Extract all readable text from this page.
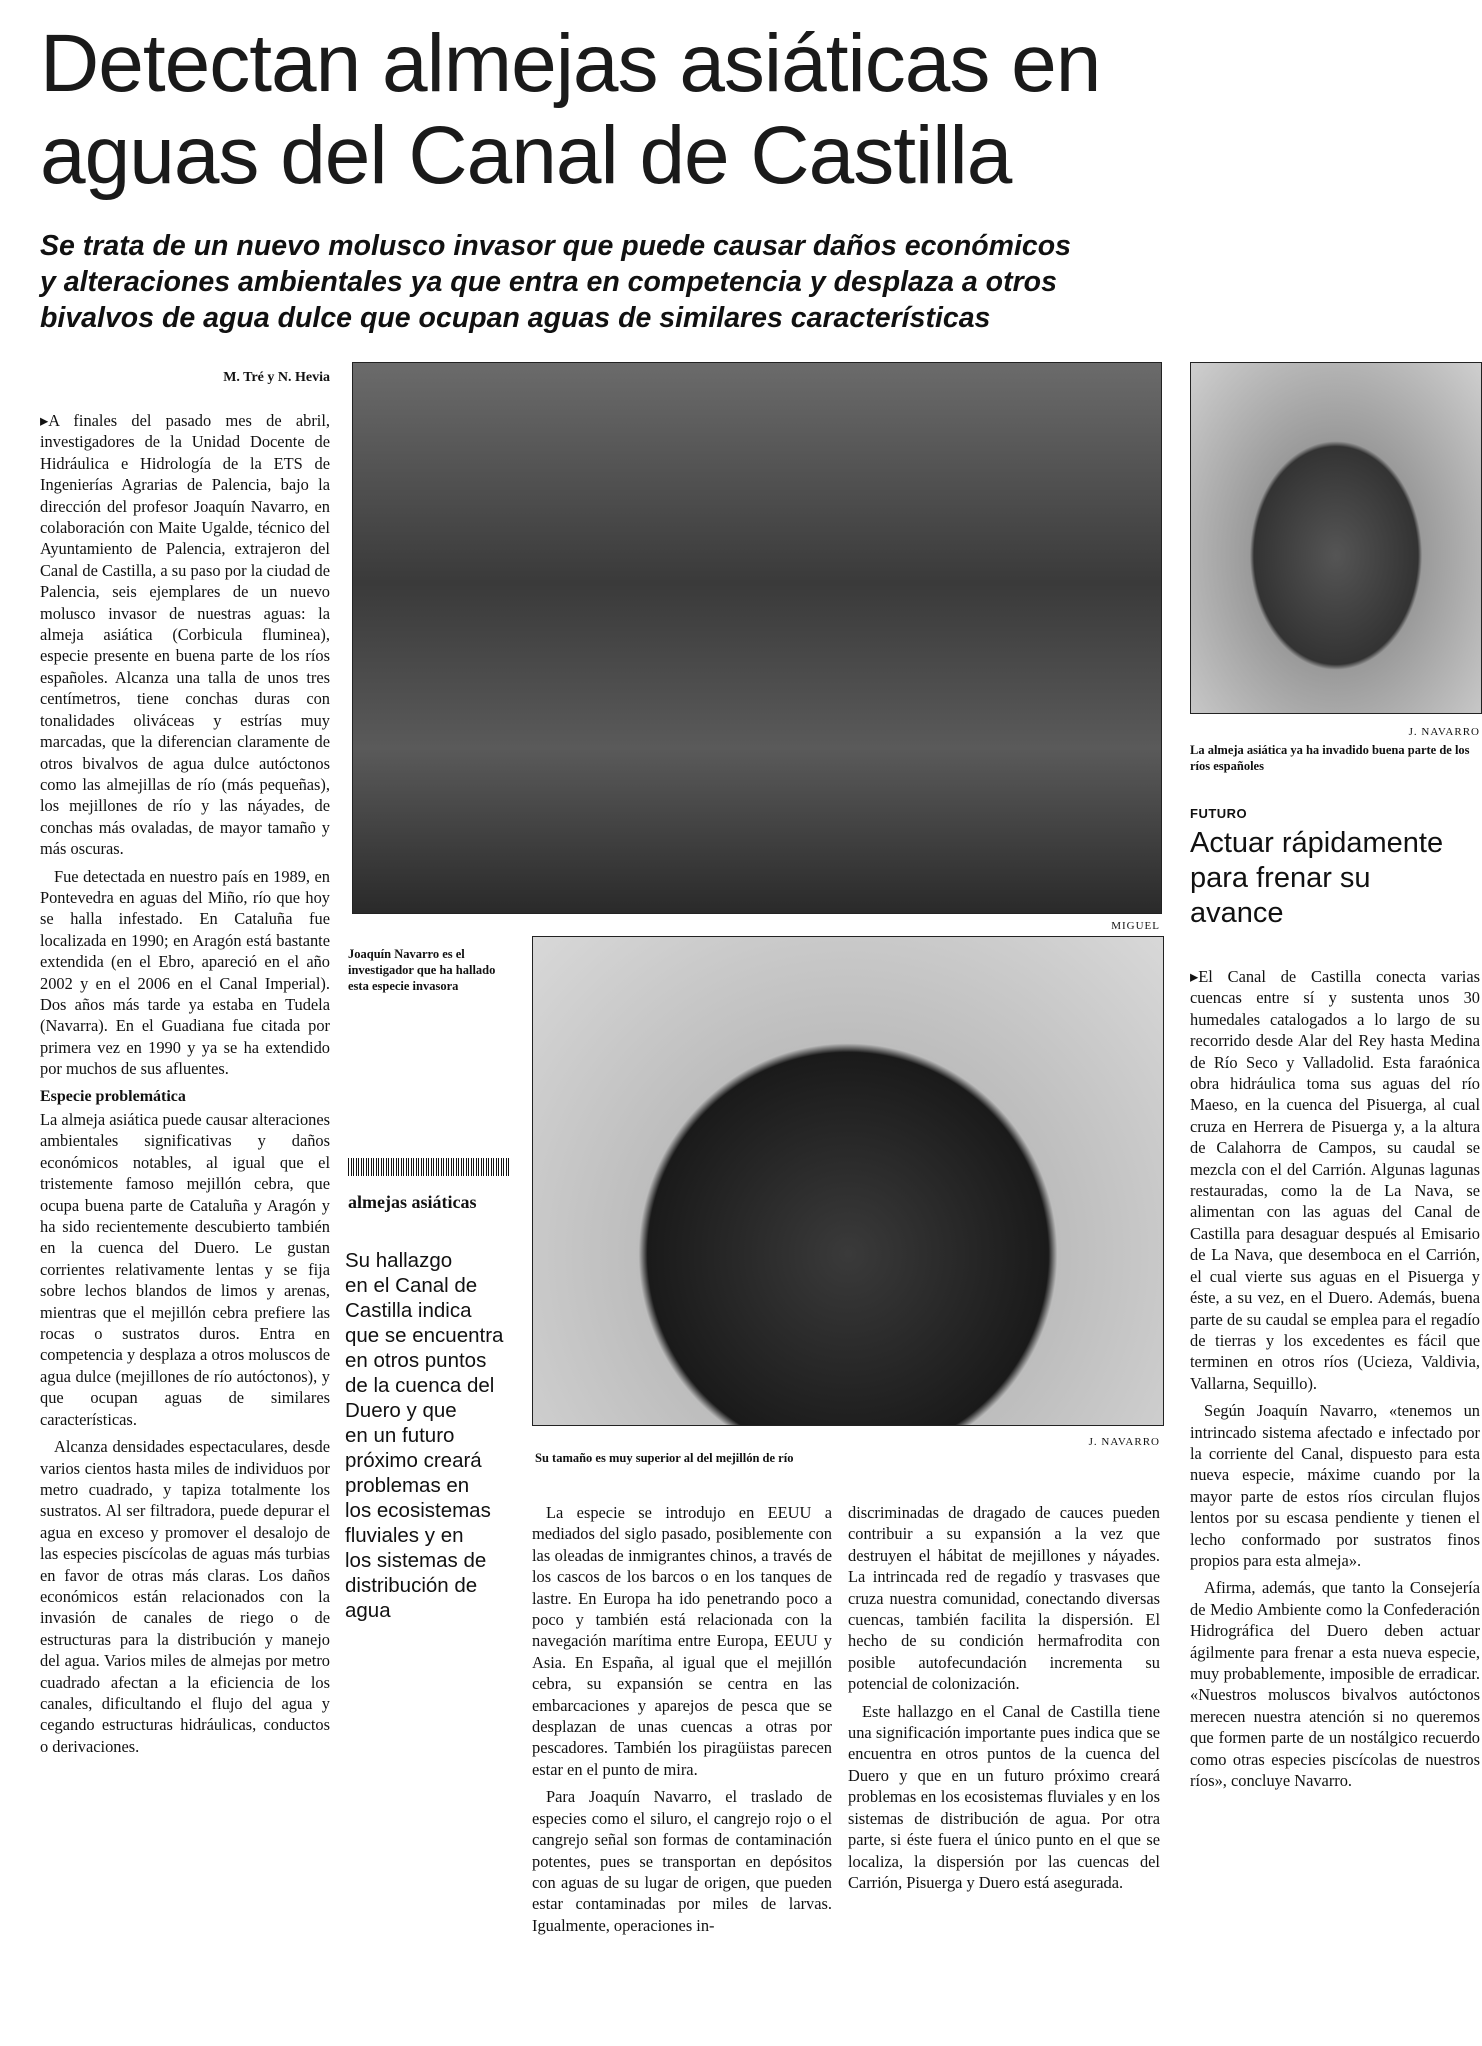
Detectan almejas asiáticas en
aguas del Canal de Castilla
Se trata de un nuevo molusco invasor que puede causar daños económicos
y alteraciones ambientales ya que entra en competencia y desplaza a otros
bivalvos de agua dulce que ocupan aguas de similares características
M. Tré y N. Hevia

▸ A finales del pasado mes de abril, investigadores de la Unidad Docente de Hidráulica e Hidrología de la ETS de Ingenierías Agrarias de Palencia, bajo la dirección del profesor Joaquín Navarro, en colaboración con Maite Ugalde, técnico del Ayuntamiento de Palencia, extrajeron del Canal de Castilla, a su paso por la ciudad de Palencia, seis ejemplares de un nuevo molusco invasor de nuestras aguas: la almeja asiática (Corbicula fluminea), especie presente en buena parte de los ríos españoles. Alcanza una talla de unos tres centímetros, tiene conchas duras con tonalidades oliváceas y estrías muy marcadas, que la diferencian claramente de otros bivalvos de agua dulce autóctonos como las almejillas de río (más pequeñas), los mejillones de río y las náyades, de conchas más ovaladas, de mayor tamaño y más oscuras.

Fue detectada en nuestro país en 1989, en Pontevedra en aguas del Miño, río que hoy se halla infestado. En Cataluña fue localizada en 1990; en Aragón está bastante extendida (en el Ebro, apareció en el año 2002 y en el 2006 en el Canal Imperial). Dos años más tarde ya estaba en Tudela (Navarra). En el Guadiana fue citada por primera vez en 1990 y ya se ha extendido por muchos de sus afluentes.

Especie problemática

La almeja asiática puede causar alteraciones ambientales significativas y daños económicos notables, al igual que el tristemente famoso mejillón cebra, que ocupa buena parte de Cataluña y Aragón y ha sido recientemente descubierto también en la cuenca del Duero. Le gustan corrientes relativamente lentas y se fija sobre lechos blandos de limos y arenas, mientras que el mejillón cebra prefiere las rocas o sustratos duros. Entra en competencia y desplaza a otros moluscos de agua dulce (mejillones de río autóctonos), y que ocupan aguas de similares características.

Alcanza densidades espectaculares, desde varios cientos hasta miles de individuos por metro cuadrado, y tapiza totalmente los sustratos. Al ser filtradora, puede depurar el agua en exceso y promover el desalojo de las especies piscícolas de aguas más turbias en favor de otras más claras. Los daños económicos están relacionados con la invasión de canales de riego o de estructuras para la distribución y manejo del agua. Varios miles de almejas por metro cuadrado afectan a la eficiencia de los canales, dificultando el flujo del agua y cegando estructuras hidráulicas, conductos o derivaciones.

MIGUEL
Joaquín Navarro es el investigador que ha hallado esta especie invasora
J. NAVARRO
La almeja asiática ya ha invadido buena parte de los ríos españoles
FUTURO
Actuar rápidamente
para frenar su
avance

▸ El Canal de Castilla conecta varias cuencas entre sí y sustenta unos 30 humedales catalogados a lo largo de su recorrido desde Alar del Rey hasta Medina de Río Seco y Valladolid. Esta faraónica obra hidráulica toma sus aguas del río Maeso, en la cuenca del Pisuerga, al cual cruza en Herrera de Pisuerga y, a la altura de Calahorra de Campos, su caudal se mezcla con el del Carrión. Algunas lagunas restauradas, como la de La Nava, se alimentan con las aguas del Canal de Castilla para desaguar después al Emisario de La Nava, que desemboca en el Carrión, el cual vierte sus aguas en el Pisuerga y éste, a su vez, en el Duero. Además, buena parte de su caudal se emplea para el regadío de tierras y los excedentes es fácil que terminen en otros ríos (Ucieza, Valdivia, Vallarna, Sequillo).

Según Joaquín Navarro, «tenemos un intrincado sistema afectado e infectado por la corriente del Canal, dispuesto para esta nueva especie, máxime cuando por la mayor parte de estos ríos circulan flujos lentos por su escasa pendiente y tienen el lecho conformado por sustratos finos propios para esta almeja».

Afirma, además, que tanto la Consejería de Medio Ambiente como la Confederación Hidrográfica del Duero deben actuar ágilmente para frenar a esta nueva especie, muy probablemente, imposible de erradicar. «Nuestros moluscos bivalvos autóctonos merecen nuestra atención si no queremos que formen parte de un nostálgico recuerdo como otras especies piscícolas de nuestros ríos», concluye Navarro.

J. NAVARRO
Su tamaño es muy superior al del mejillón de río
almejas asiáticas
Su hallazgo
en el Canal de
Castilla indica
que se encuentra
en otros puntos
de la cuenca del
Duero y que
en un futuro
próximo creará
problemas en
los ecosistemas
fluviales y en
los sistemas de
distribución de
agua

La especie se introdujo en EEUU a mediados del siglo pasado, posiblemente con las oleadas de inmigrantes chinos, a través de los cascos de los barcos o en los tanques de lastre. En Europa ha ido penetrando poco a poco y también está relacionada con la navegación marítima entre Europa, EEUU y Asia. En España, al igual que el mejillón cebra, su expansión se centra en las embarcaciones y aparejos de pesca que se desplazan de unas cuencas a otras por pescadores. También los piragüistas parecen estar en el punto de mira.

Para Joaquín Navarro, el traslado de especies como el siluro, el cangrejo rojo o el cangrejo señal son formas de contaminación potentes, pues se transportan en depósitos con aguas de su lugar de origen, que pueden estar contaminadas por miles de larvas. Igualmente, operaciones in-

discriminadas de dragado de cauces pueden contribuir a su expansión a la vez que destruyen el hábitat de mejillones y náyades. La intrincada red de regadío y trasvases que cruza nuestra comunidad, conectando diversas cuencas, también facilita la dispersión. El hecho de su condición hermafrodita con posible autofecundación incrementa su potencial de colonización.

Este hallazgo en el Canal de Castilla tiene una significación importante pues indica que se encuentra en otros puntos de la cuenca del Duero y que en un futuro próximo creará problemas en los ecosistemas fluviales y en los sistemas de distribución de agua. Por otra parte, si éste fuera el único punto en el que se localiza, la dispersión por las cuencas del Carrión, Pisuerga y Duero está asegurada.
